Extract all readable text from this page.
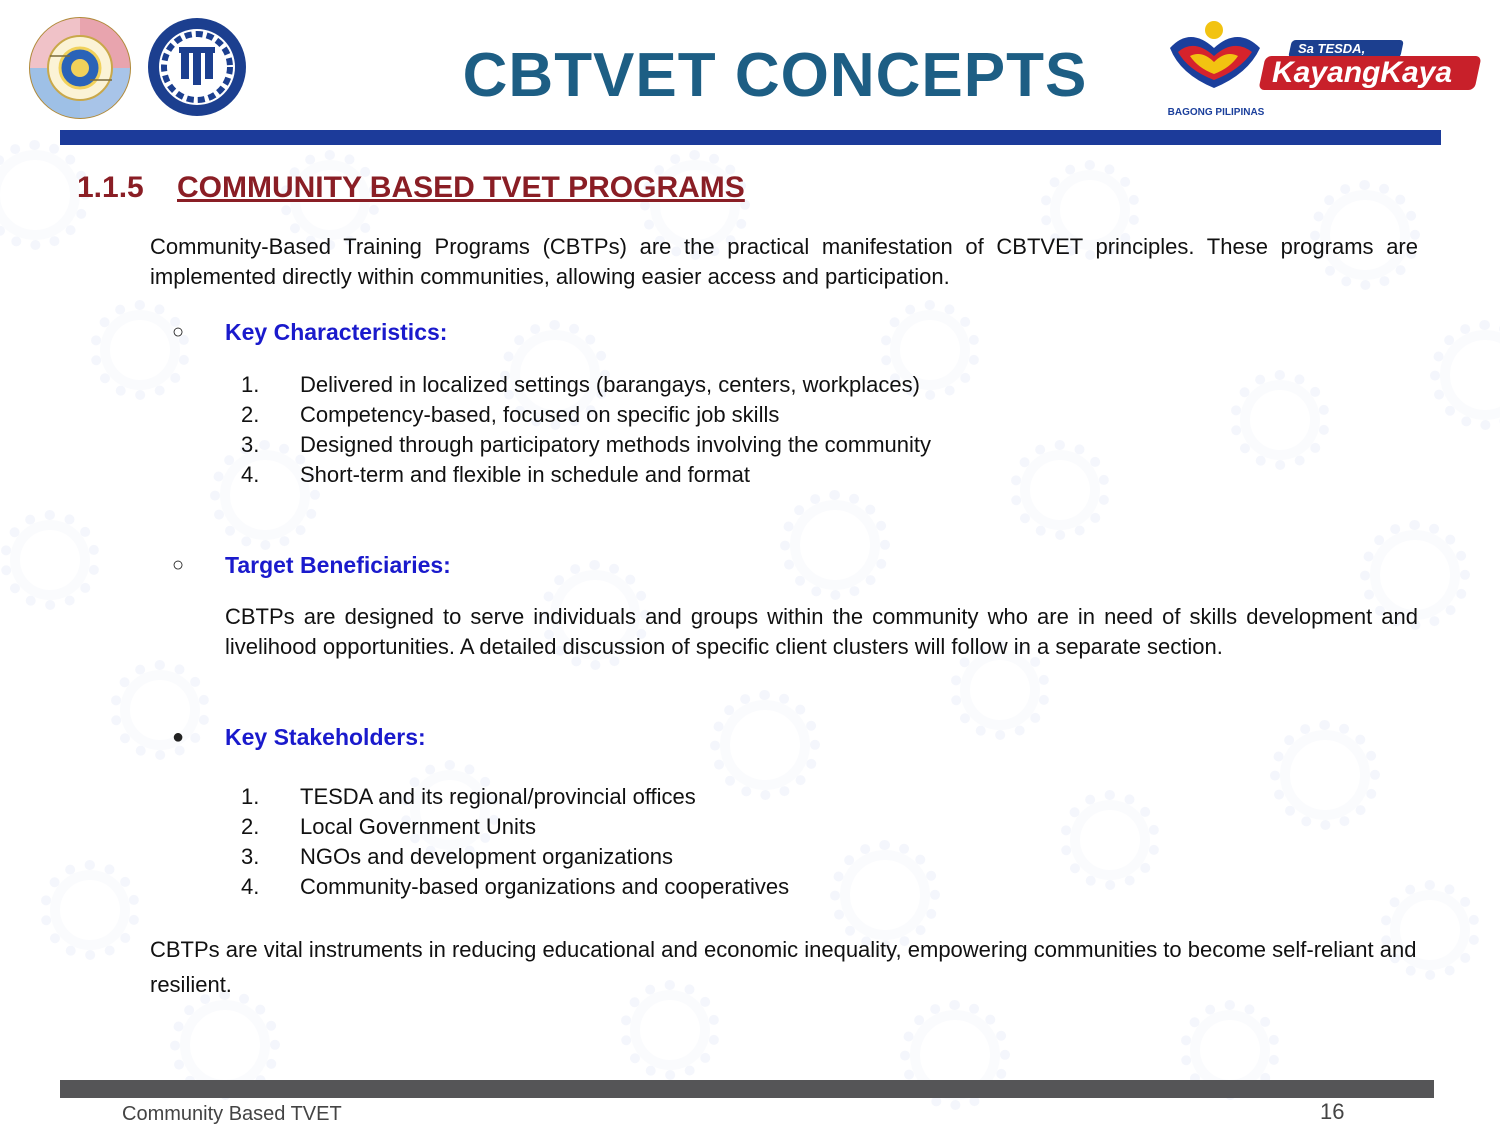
CBTVET CONCEPTS
BAGONG PILIPINAS
Sa TESDA,
KayangKaya
1.1.5 COMMUNITY BASED TVET PROGRAMS
Community-Based Training Programs (CBTPs) are the practical manifestation of CBTVET principles. These programs are implemented directly within communities, allowing easier access and participation.
○ Key Characteristics:
1.	Delivered in localized settings (barangays, centers, workplaces)
2.	Competency-based, focused on specific job skills
3.	Designed through participatory methods involving the community
4.	Short-term and flexible in schedule and format
○ Target Beneficiaries:
CBTPs are designed to serve individuals and groups within the community who are in need of skills development and livelihood opportunities. A detailed discussion of specific client clusters will follow in a separate section.
● Key Stakeholders:
1.	TESDA and its regional/provincial offices
2.	Local Government Units
3.	NGOs and development organizations
4.	Community-based organizations and cooperatives
CBTPs are vital instruments in reducing educational and economic inequality, empowering communities to become self-reliant and resilient.
Community Based TVET	16
